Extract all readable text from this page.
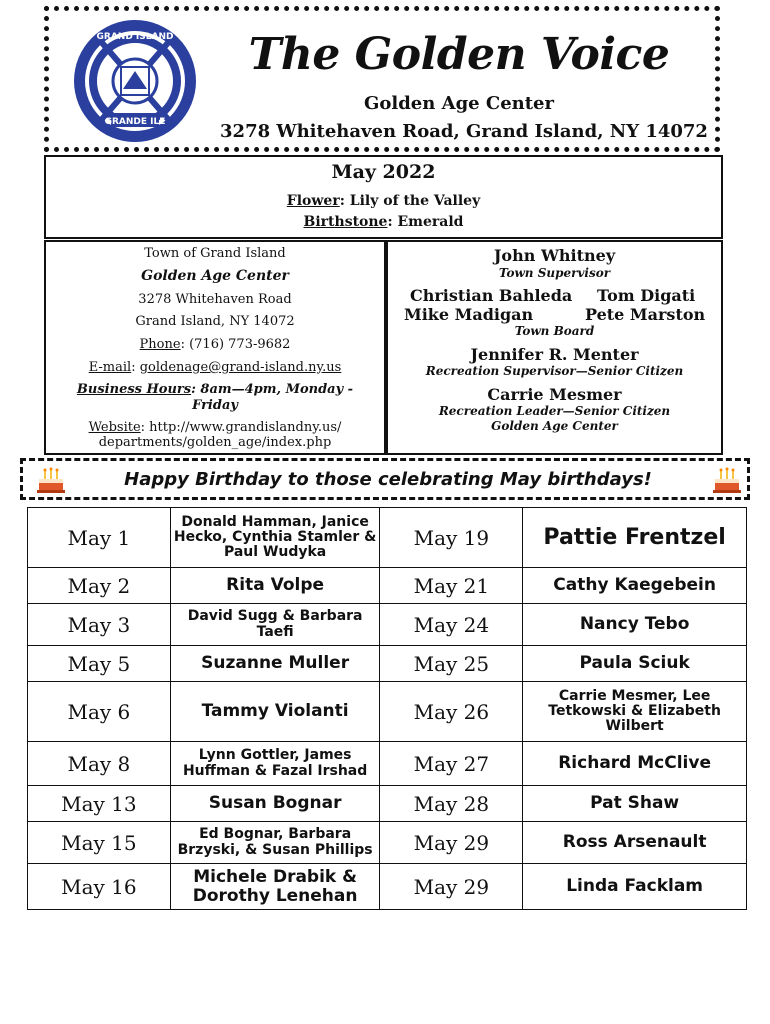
GRAND ISLAND
GRANDE ILE
The Golden Voice
Golden Age Center
3278 Whitehaven Road, Grand Island, NY 14072
May 2022
Flower: Lily of the Valley
Birthstone: Emerald
Town of Grand Island
Golden Age Center
3278 Whitehaven Road
Grand Island, NY 14072
Phone: (716) 773-9682
E-mail: goldenage@grand-island.ny.us
Business Hours: 8am—4pm, Monday - Friday
Website: http://www.grandislandny.us/
departments/golden_age/index.php
John Whitney
Town Supervisor
Christian Bahleda Tom Digati
Mike Madigan	Pete Marston
Town Board
Jennifer R. Menter
Recreation Supervisor—Senior Citizen
Carrie Mesmer
Recreation Leader—Senior Citizen
Golden Age Center
Happy Birthday to those celebrating May birthdays!
May 1	Donald Hamman, Janice Hecko, Cynthia Stamler & Paul Wudyka	May 19	Pattie Frentzel
May 2	Rita Volpe	May 21	Cathy Kaegebein
May 3	David Sugg & Barbara Taefi	May 24	Nancy Tebo
May 5	Suzanne Muller	May 25	Paula Sciuk
May 6	Tammy Violanti	May 26	Carrie Mesmer, Lee Tetkowski & Elizabeth Wilbert
May 8	Lynn Gottler, James Huffman & Fazal Irshad	May 27	Richard McClive
May 13	Susan Bognar	May 28	Pat Shaw
May 15	Ed Bognar, Barbara Brzyski, & Susan Phillips	May 29	Ross Arsenault
May 16	Michele Drabik & Dorothy Lenehan	May 29	Linda Facklam
